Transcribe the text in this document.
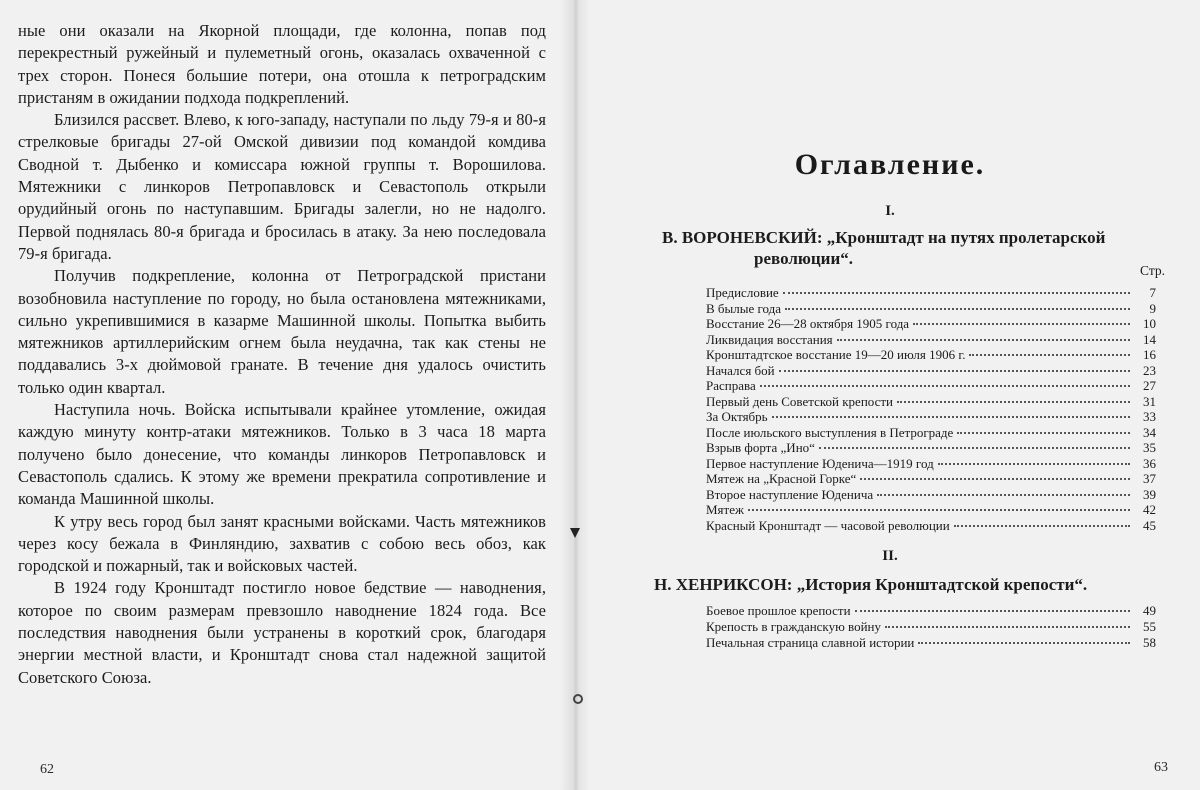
ные они оказали на Якорной площади, где колонна, попав под перекрестный ружейный и пулеметный огонь, оказалась охваченной с трех сторон. Понеся большие потери, она отошла к петроградским пристаням в ожидании подхода подкреплений.

Близился рассвет. Влево, к юго-западу, наступали по льду 79-я и 80-я стрелковые бригады 27-ой Омской дивизии под командой комдива Сводной т. Дыбенко и комиссара южной группы т. Ворошилова. Мятежники с линкоров Петропавловск и Севастополь открыли орудийный огонь по наступавшим. Бригады залегли, но не надолго. Первой поднялась 80-я бригада и бросилась в атаку. За нею последовала 79-я бригада.

Получив подкрепление, колонна от Петроградской пристани возобновила наступление по городу, но была остановлена мятежниками, сильно укрепившимися в казарме Машинной школы. Попытка выбить мятежников артиллерийским огнем была неудачна, так как стены не поддавались 3-х дюймовой гранате. В течение дня удалось очистить только один квартал.

Наступила ночь. Войска испытывали крайнее утомление, ожидая каждую минуту контр-атаки мятежников. Только в 3 часа 18 марта получено было донесение, что команды линкоров Петропавловск и Севастополь сдались. К этому же времени прекратила сопротивление и команда Машинной школы.

К утру весь город был занят красными войсками. Часть мятежников через косу бежала в Финляндию, захватив с собою весь обоз, как городской и пожарный, так и войсковых частей.

В 1924 году Кронштадт постигло новое бедствие — наводнения, которое по своим размерам превзошло наводнение 1824 года. Все последствия наводнения были устранены в короткий срок, благодаря энергии местной власти, и Кронштадт снова стал надежной защитой Советского Союза.

62
Оглавление.
I.
В. ВОРОНЕВСКИЙ: „Кронштадт на путях пролетарской
революции“.
Стр.
Предисловие	7
В былые года	9
Восстание 26—28 октября 1905 года	10
Ликвидация восстания	14
Кронштадтское восстание 19—20 июля 1906 г.	16
Начался бой	23
Расправа	27
Первый день Советской крепости	31
За Октябрь	33
После июльского выступления в Петрограде	34
Взрыв форта „Ино“	35
Первое наступление Юденича—1919 год	36
Мятеж на „Красной Горке“	37
Второе наступление Юденича	39
Мятеж	42
Красный Кронштадт — часовой революции	45
II.
Н. ХЕНРИКСОН: „История Кронштадтской крепости“.
Боевое прошлое крепости	49
Крепость в гражданскую войну	55
Печальная страница славной истории	58
63
